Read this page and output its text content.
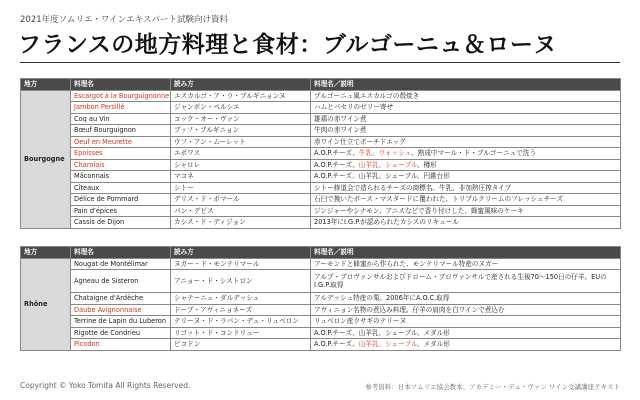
2021年度ソムリエ・ワインエキスパート試験向け資料
フランスの地方料理と食材：ブルゴーニュ＆ローヌ
地方	料理名	読み方	料理名／説明
Bourgogne	Escargot à la Bourguignonne	エスカルゴ・ア・ラ・ブルギニョンヌ	ブルゴーニュ風エスカルゴの殻焼き
	Jambon Persillé	ジャンボン・ペルシエ	ハムとパセリのゼリー寄せ
	Coq au Vin	コック・オー・ヴァン	雄鶏の赤ワイン煮
	Bœuf Bourguignon	ブッフ・ブルギニョン	牛肉の赤ワイン煮
	Oeuf en Meurette	ウフ・アン・ムーレット	赤ワイン仕立てポーチドエッグ
	Epoisses	エポワス	A.O.P.チーズ、牛乳、ウォッシュ、熟成中マール・ド・ブルゴーニュで洗う
	Charolais	シャロレ	A.O.P.チーズ、山羊乳、シェーブル、樽形
	Mâconnais	マコネ	A.O.P.チーズ、山羊乳、シェーブル、円錐台形
	Cîteaux	シトー	シトー修道会で造られるチーズの商標名。牛乳、非加熱圧搾タイプ
	Délice de Pommard	デリス・ド・ポマール	石臼で挽いたボース・マスタードに覆われた、トリプルクリームのフレッシュチーズ
	Pain d'épices	パン・デピス	ジンジャーやシナモン、アニスなどで香り付けした、蜂蜜風味のケーキ
	Cassis de Dijon	カシス・ド・ディジョン	2013年にI.G.P.が認められたカシスのリキュール
地方	料理名	読み方	料理名／説明
Rhône	Nougat de Montélimar	ヌガー・ド・モンテリマール	アーモンドと蜂蜜から作られた、モンテリマール特産のヌガー
	Agneau de Sisteron	アニョー・ド・シストロン	アルプ・プロヴァンサルおよびドローム・プロヴァンサルで産される生後70〜150日の仔羊。EUのI.G.P.取得
	Chataigne d'Ardèche	シャテーニュ・ダルデッシュ	アルデッシュ特産の栗。2006年にA.O.C.取得
	Daube Avignonnaise	ドーブ・アヴィニョネーズ	アヴィニョン名物の煮込み料理。仔羊の肩肉を白ワインで煮込む
	Terrine de Lapin du Luberon	テリーヌ・ド・ラパン・デュ・リュベロン	リュベロン産ウサギのテリーヌ
	Rigotte de Condrieu	リゴット・ド・コンドリュー	A.O.P.チーズ、山羊乳、シェーブル、メダル形
	Picodon	ピコドン	A.O.P.チーズ、山羊乳、シェーブル、メダル形
Copyright © Yoko Tomita All Rights Reserved.	参考資料：日本ソムリエ協会教本、アカデミー・デュ・ヴァン ワイン受講講座テキスト
